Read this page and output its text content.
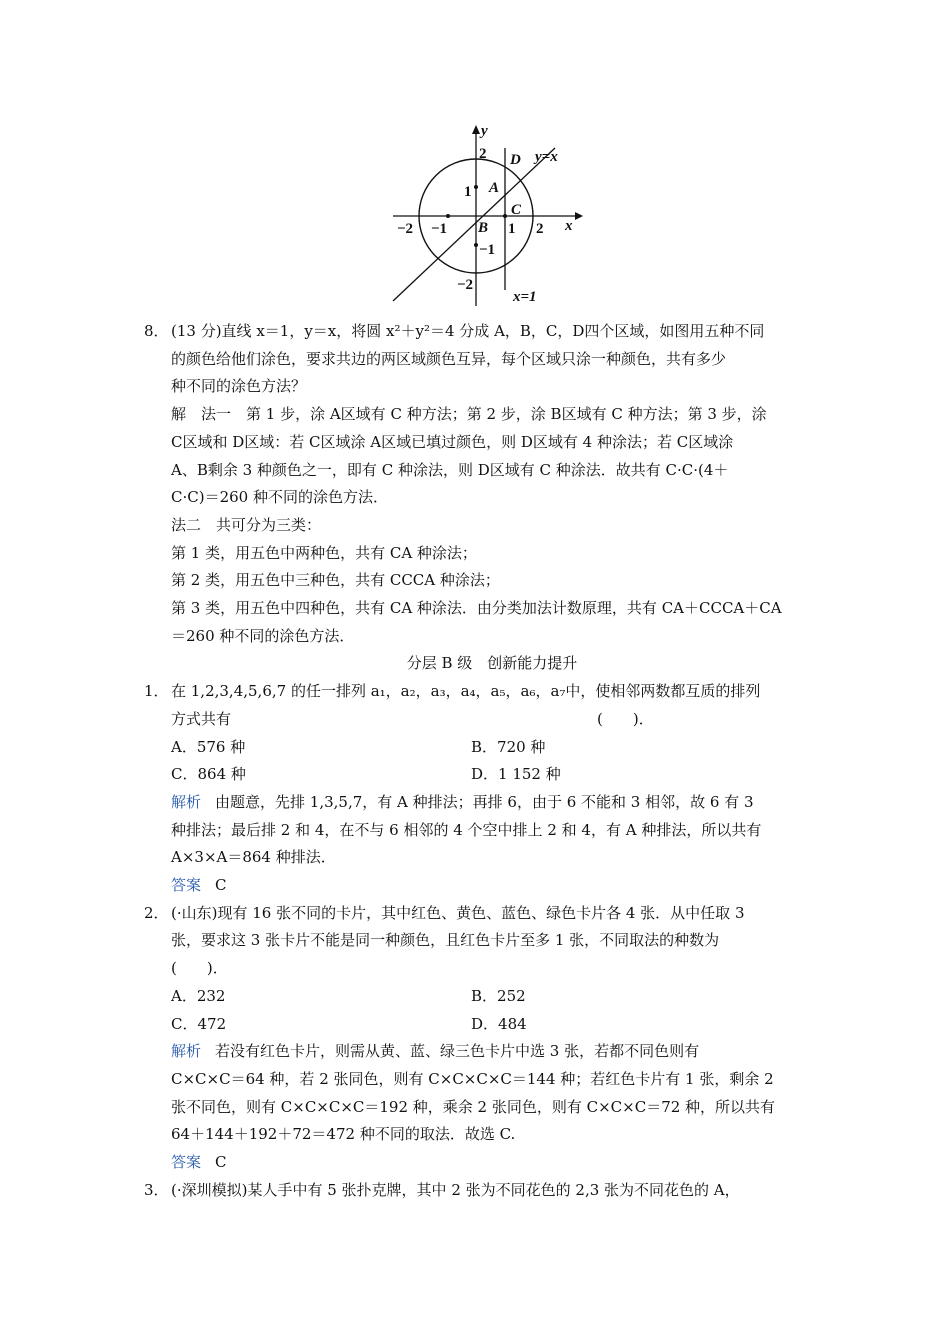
y
x
2
1
−1
−2
−2 −1	1 2
B
A
C
D y=x
x=1
8． (13 分)直线 x＝1，y＝x，将圆 x²＋y²＝4 分成 A，B，C，D四个区域，如图用五种不同
的颜色给他们涂色，要求共边的两区域颜色互异，每个区域只涂一种颜色，共有多少
种不同的涂色方法？
解　法一　第 1 步，涂 A区域有 C 种方法；第 2 步，涂 B区域有 C 种方法；第 3 步，涂
C区域和 D区域：若 C区域涂 A区域已填过颜色，则 D区域有 4 种涂法；若 C区域涂
A、B剩余 3 种颜色之一，即有 C 种涂法，则 D区域有 C 种涂法．故共有 C·C·(4＋
C·C)＝260 种不同的涂色方法．
法二　共可分为三类：
第 1 类，用五色中两种色，共有 CA 种涂法；
第 2 类，用五色中三种色，共有 CCCA 种涂法；
第 3 类，用五色中四种色，共有 CA 种涂法．由分类加法计数原理，共有 CA＋CCCA＋CA
＝260 种不同的涂色方法．
分层 B 级　创新能力提升
1． 在 1,2,3,4,5,6,7 的任一排列 a₁，a₂，a₃，a₄，a₅，a₆，a₇中，使相邻两数都互质的排列
方式共有	(　　)．
A．576 种	B．720 种
C．864 种	D．1 152 种
解析 由题意，先排 1,3,5,7，有 A 种排法；再排 6，由于 6 不能和 3 相邻，故 6 有 3
种排法；最后排 2 和 4，在不与 6 相邻的 4 个空中排上 2 和 4，有 A 种排法，所以共有
A×3×A＝864 种排法．
答案 C
2． (·山东)现有 16 张不同的卡片，其中红色、黄色、蓝色、绿色卡片各 4 张．从中任取 3
张，要求这 3 张卡片不能是同一种颜色，且红色卡片至多 1 张，不同取法的种数为
(　　)．
A．232	B．252
C．472	D．484
解析 若没有红色卡片，则需从黄、蓝、绿三色卡片中选 3 张，若都不同色则有
C×C×C＝64 种，若 2 张同色，则有 C×C×C×C＝144 种；若红色卡片有 1 张，剩余 2
张不同色，则有 C×C×C×C＝192 种，乘余 2 张同色，则有 C×C×C＝72 种，所以共有
64＋144＋192＋72＝472 种不同的取法．故选 C.
答案 C
3． (·深圳模拟)某人手中有 5 张扑克牌，其中 2 张为不同花色的 2,3 张为不同花色的 A，
